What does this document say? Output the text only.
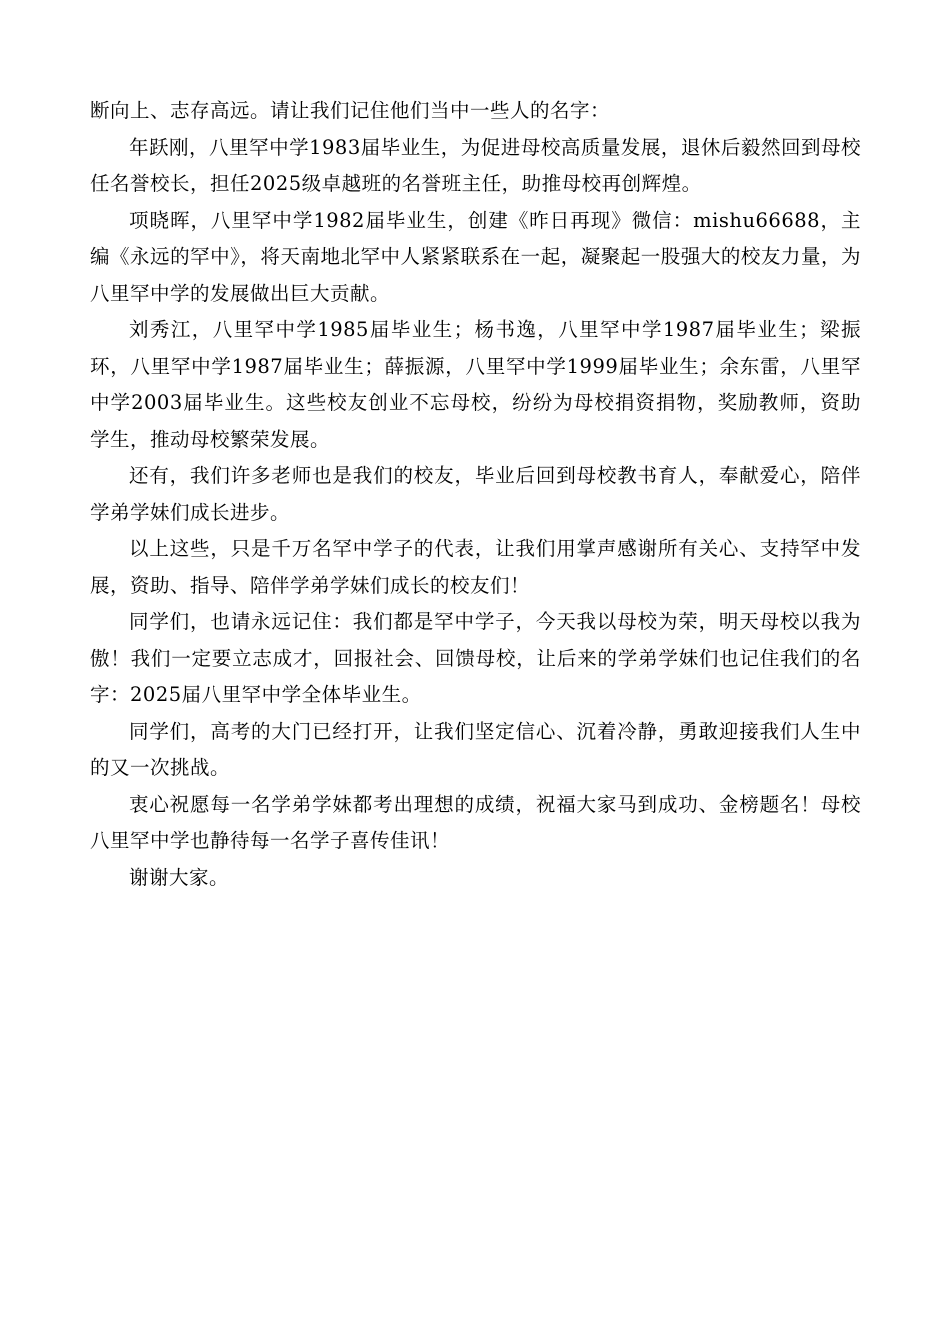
断向上、志存高远。请让我们记住他们当中一些人的名字：

年跃刚，八里罕中学1983届毕业生，为促进母校高质量发展，退休后毅然回到母校任名誉校长，担任2025级卓越班的名誉班主任，助推母校再创辉煌。

项晓晖，八里罕中学1982届毕业生，创建《昨日再现》微信：mishu66688，主编《永远的罕中》，将天南地北罕中人紧紧联系在一起，凝聚起一股强大的校友力量，为八里罕中学的发展做出巨大贡献。

刘秀江，八里罕中学1985届毕业生；杨书逸，八里罕中学1987届毕业生；梁振环，八里罕中学1987届毕业生；薛振源，八里罕中学1999届毕业生；余东雷，八里罕中学2003届毕业生。这些校友创业不忘母校，纷纷为母校捐资捐物，奖励教师，资助学生，推动母校繁荣发展。

还有，我们许多老师也是我们的校友，毕业后回到母校教书育人，奉献爱心，陪伴学弟学妹们成长进步。

以上这些，只是千万名罕中学子的代表，让我们用掌声感谢所有关心、支持罕中发展，资助、指导、陪伴学弟学妹们成长的校友们！

同学们，也请永远记住：我们都是罕中学子，今天我以母校为荣，明天母校以我为傲！我们一定要立志成才，回报社会、回馈母校，让后来的学弟学妹们也记住我们的名字：2025届八里罕中学全体毕业生。

同学们，高考的大门已经打开，让我们坚定信心、沉着冷静，勇敢迎接我们人生中的又一次挑战。

衷心祝愿每一名学弟学妹都考出理想的成绩，祝福大家马到成功、金榜题名！母校八里罕中学也静待每一名学子喜传佳讯！

谢谢大家。
